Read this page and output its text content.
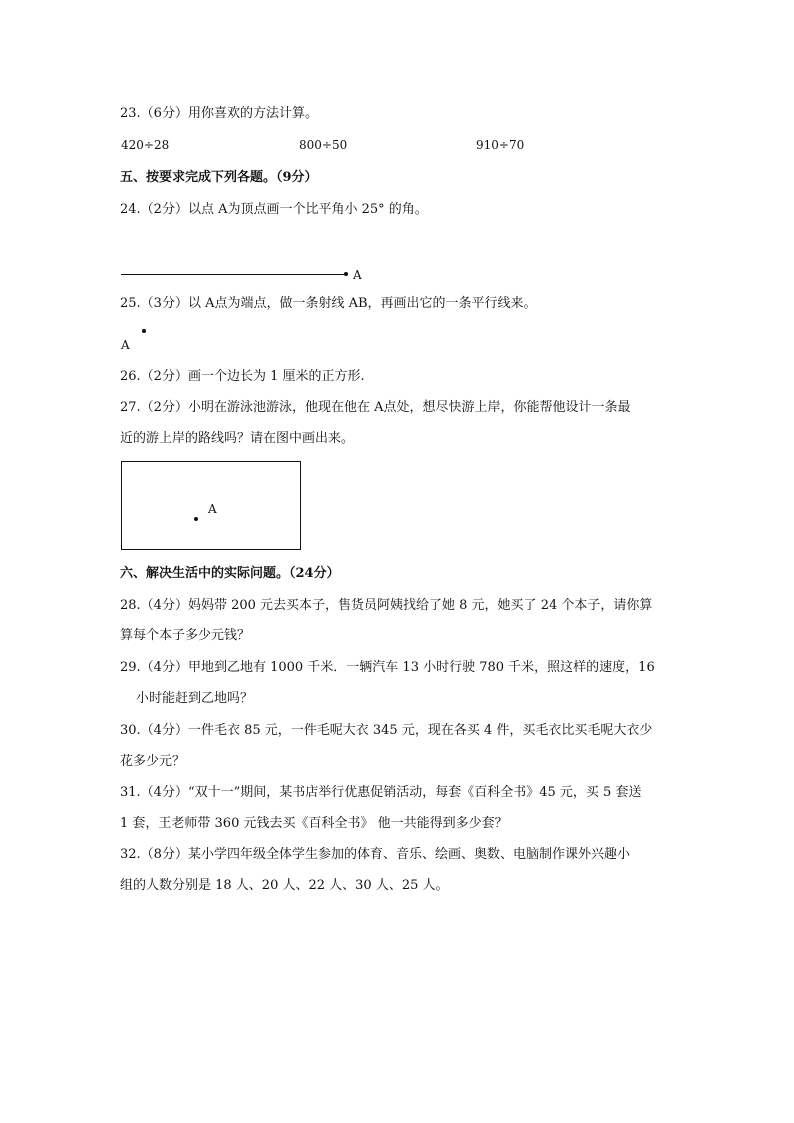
23.（6分）用你喜欢的方法计算。
420÷28	800÷50	910÷70
五、按要求完成下列各题。（9分）
24.（2分）以点 A为顶点画一个比平角小 25° 的角。
A
25.（3分）以 A点为端点，做一条射线 AB，再画出它的一条平行线来。
A
26.（2分）画一个边长为 1 厘米的正方形.
27.（2分）小明在游泳池游泳，他现在他在 A点处，想尽快游上岸，你能帮他设计一条最
近的游上岸的路线吗？请在图中画出来。
A
六、解决生活中的实际问题。（24分）
28.（4分）妈妈带 200 元去买本子，售货员阿姨找给了她 8 元，她买了 24 个本子，请你算
算每个本子多少元钱？
29.（4分）甲地到乙地有 1000 千米．一辆汽车 13 小时行驶 780 千米，照这样的速度，16
小时能赶到乙地吗？
30.（4分）一件毛衣 85 元，一件毛呢大衣 345 元，现在各买 4 件，买毛衣比买毛呢大衣少
花多少元？
31.（4分）“双十一”期间，某书店举行优惠促销活动，每套《百科全书》45 元，买 5 套送
1 套，王老师带 360 元钱去买《百科全书》 他一共能得到多少套？
32.（8分）某小学四年级全体学生参加的体育、音乐、绘画、奥数、电脑制作课外兴趣小
组的人数分别是 18 人、20 人、22 人、30 人、25 人。
